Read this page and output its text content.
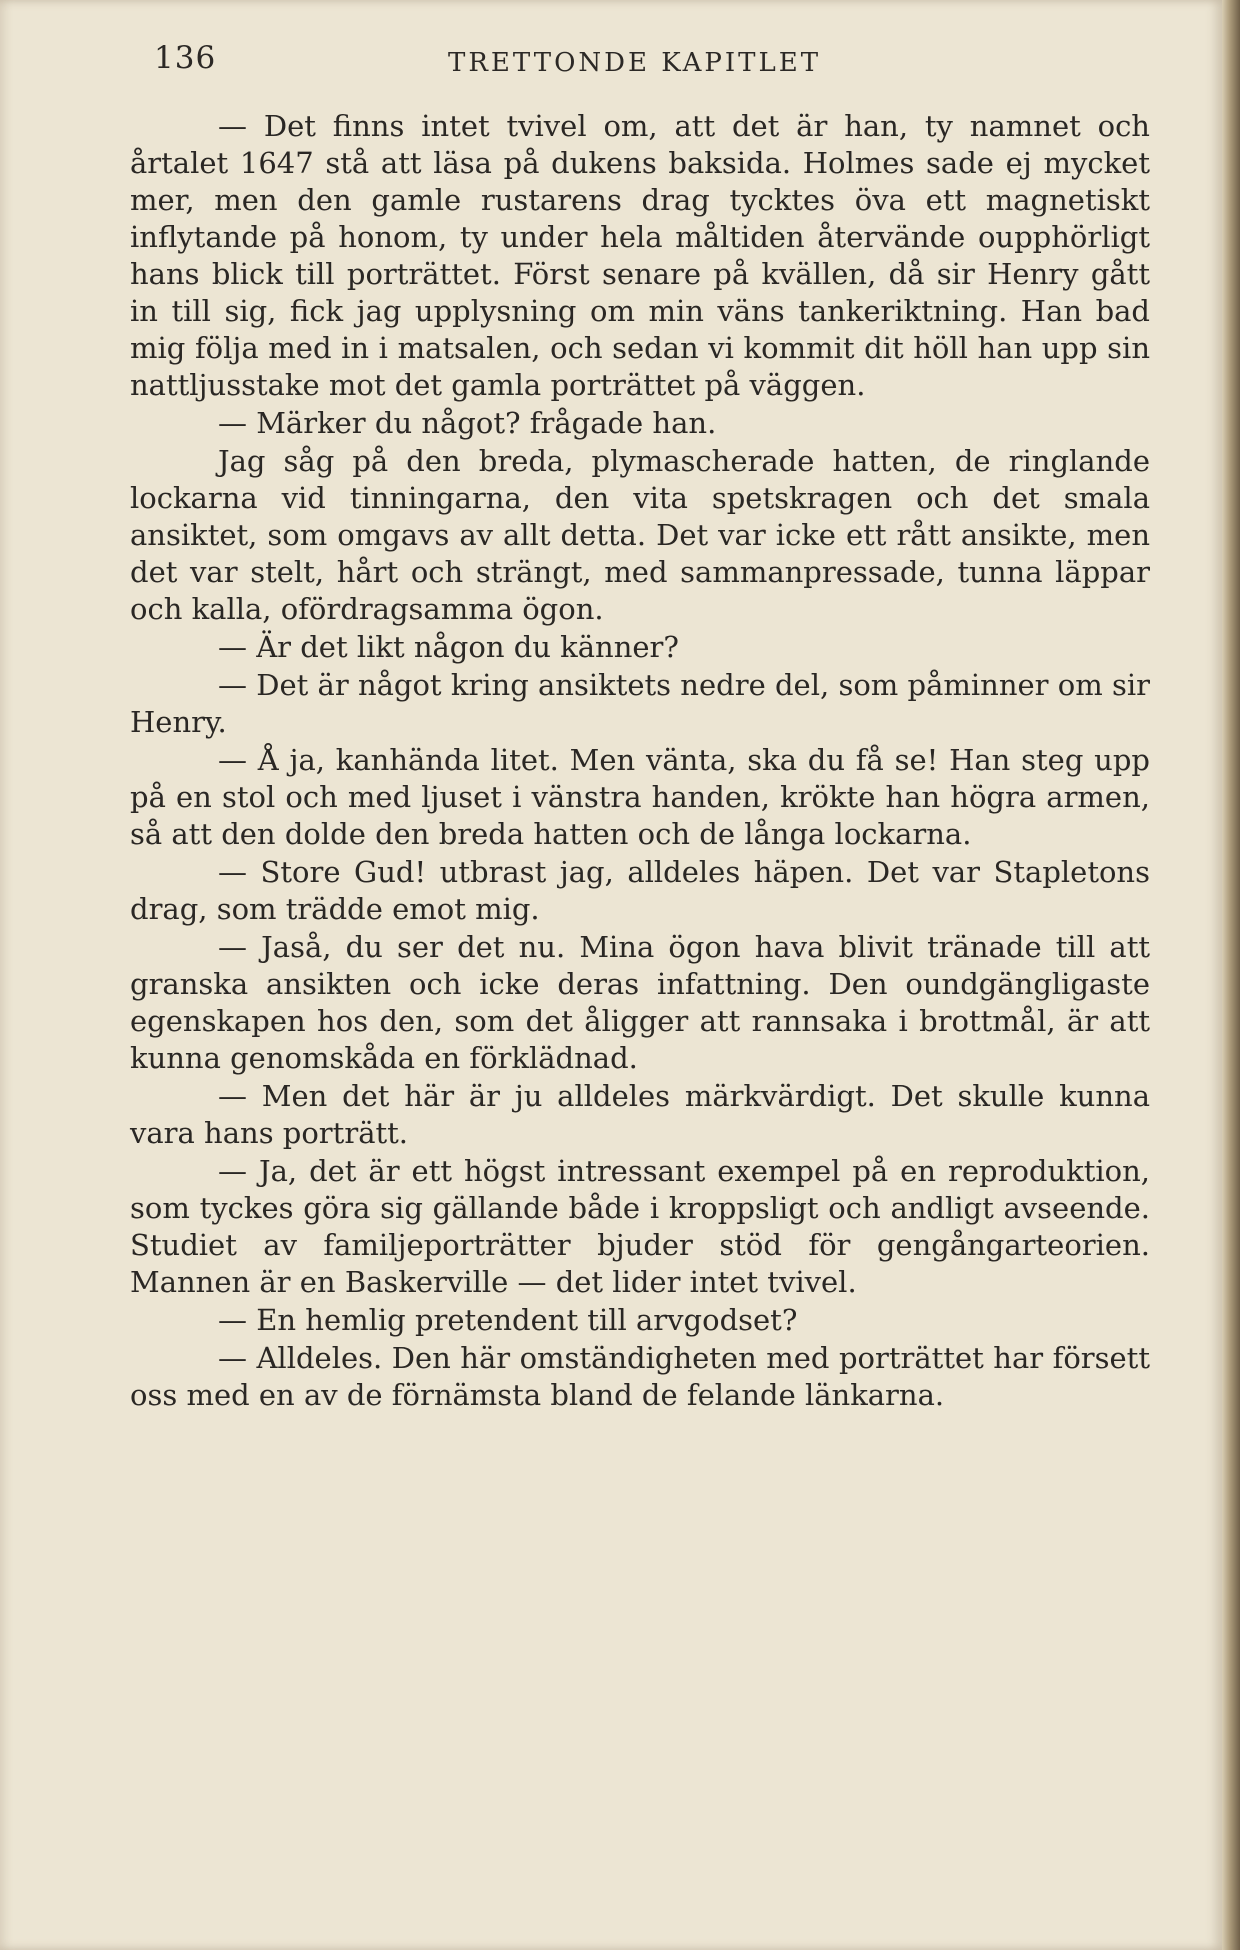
136	TRETTONDE KAPITLET

— Det finns intet tvivel om, att det är han, ty namnet och årtalet 1647 stå att läsa på dukens baksida. Holmes sade ej mycket mer, men den gamle rustarens drag tycktes öva ett magnetiskt inflytande på honom, ty under hela måltiden återvände oupphörligt hans blick till porträttet. Först senare på kvällen, då sir Henry gått in till sig, fick jag upplysning om min väns tankeriktning. Han bad mig följa med in i matsalen, och sedan vi kommit dit höll han upp sin nattljusstake mot det gamla porträttet på väggen.

— Märker du något? frågade han.

Jag såg på den breda, plymascherade hatten, de ringlande lockarna vid tinningarna, den vita spetskragen och det smala ansiktet, som omgavs av allt detta. Det var icke ett rått ansikte, men det var stelt, hårt och strängt, med sammanpressade, tunna läppar och kalla, ofördragsamma ögon.

— Är det likt någon du känner?

— Det är något kring ansiktets nedre del, som påminner om sir Henry.

— Å ja, kanhända litet. Men vänta, ska du få se! Han steg upp på en stol och med ljuset i vänstra handen, krökte han högra armen, så att den dolde den breda hatten och de långa lockarna.

— Store Gud! utbrast jag, alldeles häpen. Det var Stapletons drag, som trädde emot mig.

— Jaså, du ser det nu. Mina ögon hava blivit tränade till att granska ansikten och icke deras infattning. Den oundgängligaste egenskapen hos den, som det åligger att rannsaka i brottmål, är att kunna genomskåda en förklädnad.

— Men det här är ju alldeles märkvärdigt. Det skulle kunna vara hans porträtt.

— Ja, det är ett högst intressant exempel på en reproduktion, som tyckes göra sig gällande både i kroppsligt och andligt avseende. Studiet av familjeporträtter bjuder stöd för gengångarteorien. Mannen är en Baskerville — det lider intet tvivel.

— En hemlig pretendent till arvgodset?

— Alldeles. Den här omständigheten med porträttet har försett oss med en av de förnämsta bland de felande länkarna.
